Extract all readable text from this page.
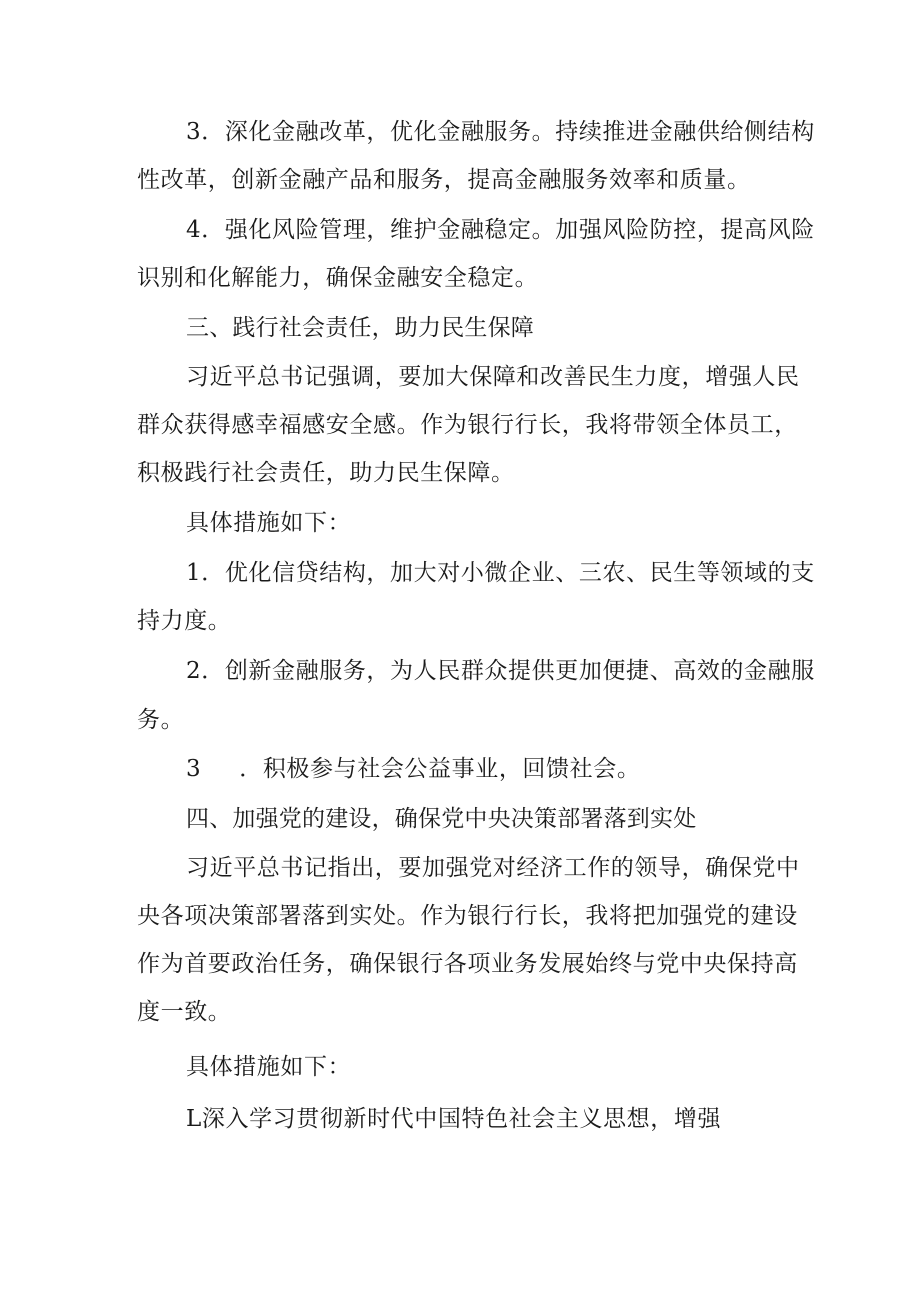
3．深化金融改革，优化金融服务。持续推进金融供给侧结构
性改革，创新金融产品和服务，提高金融服务效率和质量。
4．强化风险管理，维护金融稳定。加强风险防控，提高风险
识别和化解能力，确保金融安全稳定。
三、践行社会责任，助力民生保障
习近平总书记强调，要加大保障和改善民生力度，增强人民
群众获得感幸福感安全感。作为银行行长，我将带领全体员工，
积极践行社会责任，助力民生保障。
具体措施如下：
1．优化信贷结构，加大对小微企业、三农、民生等领域的支
持力度。
2．创新金融服务，为人民群众提供更加便捷、高效的金融服
务。
3 ．积极参与社会公益事业，回馈社会。
四、加强党的建设，确保党中央决策部署落到实处
习近平总书记指出，要加强党对经济工作的领导，确保党中
央各项决策部署落到实处。作为银行行长，我将把加强党的建设
作为首要政治任务，确保银行各项业务发展始终与党中央保持高
度一致。
具体措施如下：
L深入学习贯彻新时代中国特色社会主义思想，增强
